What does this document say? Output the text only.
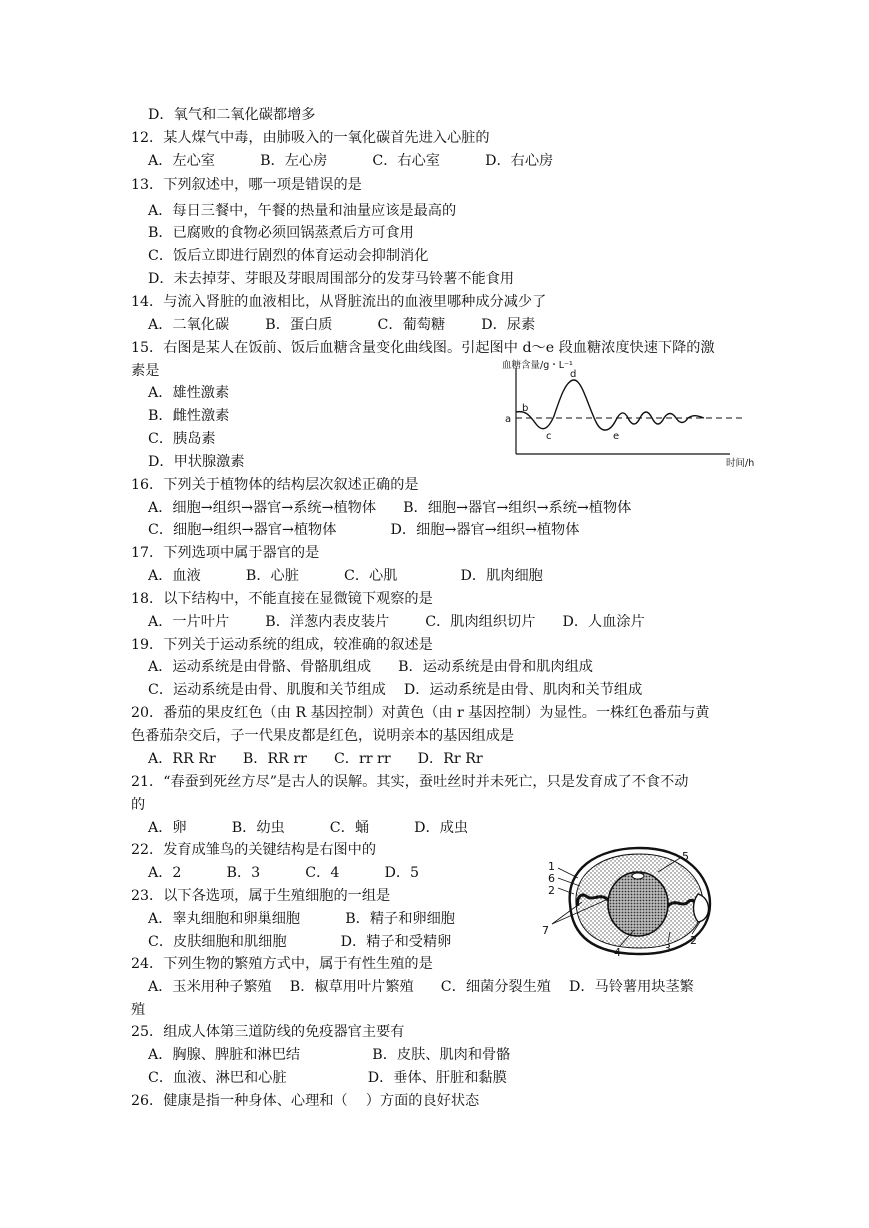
D．氧气和二氧化碳都增多
12．某人煤气中毒，由肺吸入的一氧化碳首先进入心脏的
A．左心室          B．左心房          C．右心室          D．右心房
13．下列叙述中，哪一项是错误的是
A．每日三餐中，午餐的热量和油量应该是最高的
B．已腐败的食物必须回锅蒸煮后方可食用
C．饭后立即进行剧烈的体育运动会抑制消化
D．未去掉芽、芽眼及芽眼周围部分的发芽马铃薯不能食用
14．与流入肾脏的血液相比，从肾脏流出的血液里哪种成分减少了
A．二氧化碳        B．蛋白质          C．葡萄糖        D．尿素
15．右图是某人在饭前、饭后血糖含量变化曲线图。引起图中 d～e 段血糖浓度快速下降的激
素是
A．雄性激素
B．雌性激素
C．胰岛素
D．甲状腺激素
16．下列关于植物体的结构层次叙述正确的是
A．细胞→组织→器官→系统→植物体      B．细胞→器官→组织→系统→植物体
C．细胞→组织→器官→植物体            D．细胞→器官→组织→植物体
17．下列选项中属于器官的是
A．血液          B．心脏          C．心肌              D．肌肉细胞
18．以下结构中，不能直接在显微镜下观察的是
A．一片叶片        B．洋葱内表皮装片        C．肌肉组织切片      D．人血涂片
19．下列关于运动系统的组成，较准确的叙述是
A．运动系统是由骨骼、骨骼肌组成      B．运动系统是由骨和肌肉组成
C．运动系统是由骨、肌腹和关节组成    D．运动系统是由骨、肌肉和关节组成
20．番茄的果皮红色（由 R 基因控制）对黄色（由 r 基因控制）为显性。一株红色番茄与黄
色番茄杂交后，子一代果皮都是红色，说明亲本的基因组成是
A．RR Rr      B．RR rr      C．rr rr      D．Rr Rr
21．“春蚕到死丝方尽”是古人的误解。其实，蚕吐丝时并未死亡，只是发育成了不食不动
的
A．卵          B．幼虫          C．蛹          D．成虫
22．发育成雏鸟的关键结构是右图中的
A．2          B．3          C．4          D．5
23．以下各选项，属于生殖细胞的一组是
A．睾丸细胞和卵巢细胞          B．精子和卵细胞
C．皮肤细胞和肌细胞            D．精子和受精卵
24．下列生物的繁殖方式中，属于有性生殖的是
A．玉米用种子繁殖    B．椒草用叶片繁殖      C．细菌分裂生殖    D．马铃薯用块茎繁
殖
25．组成人体第三道防线的免疫器官主要有
A．胸腺、脾脏和淋巴结                B．皮肤、肌肉和骨骼
C．血液、淋巴和心脏                  D．垂体、肝脏和黏膜
26．健康是指一种身体、心理和（    ）方面的良好状态
血糖含量/g・L⁻¹
a
b
c
d
e
时间/h
1
6
2
7
5
4	3
2
